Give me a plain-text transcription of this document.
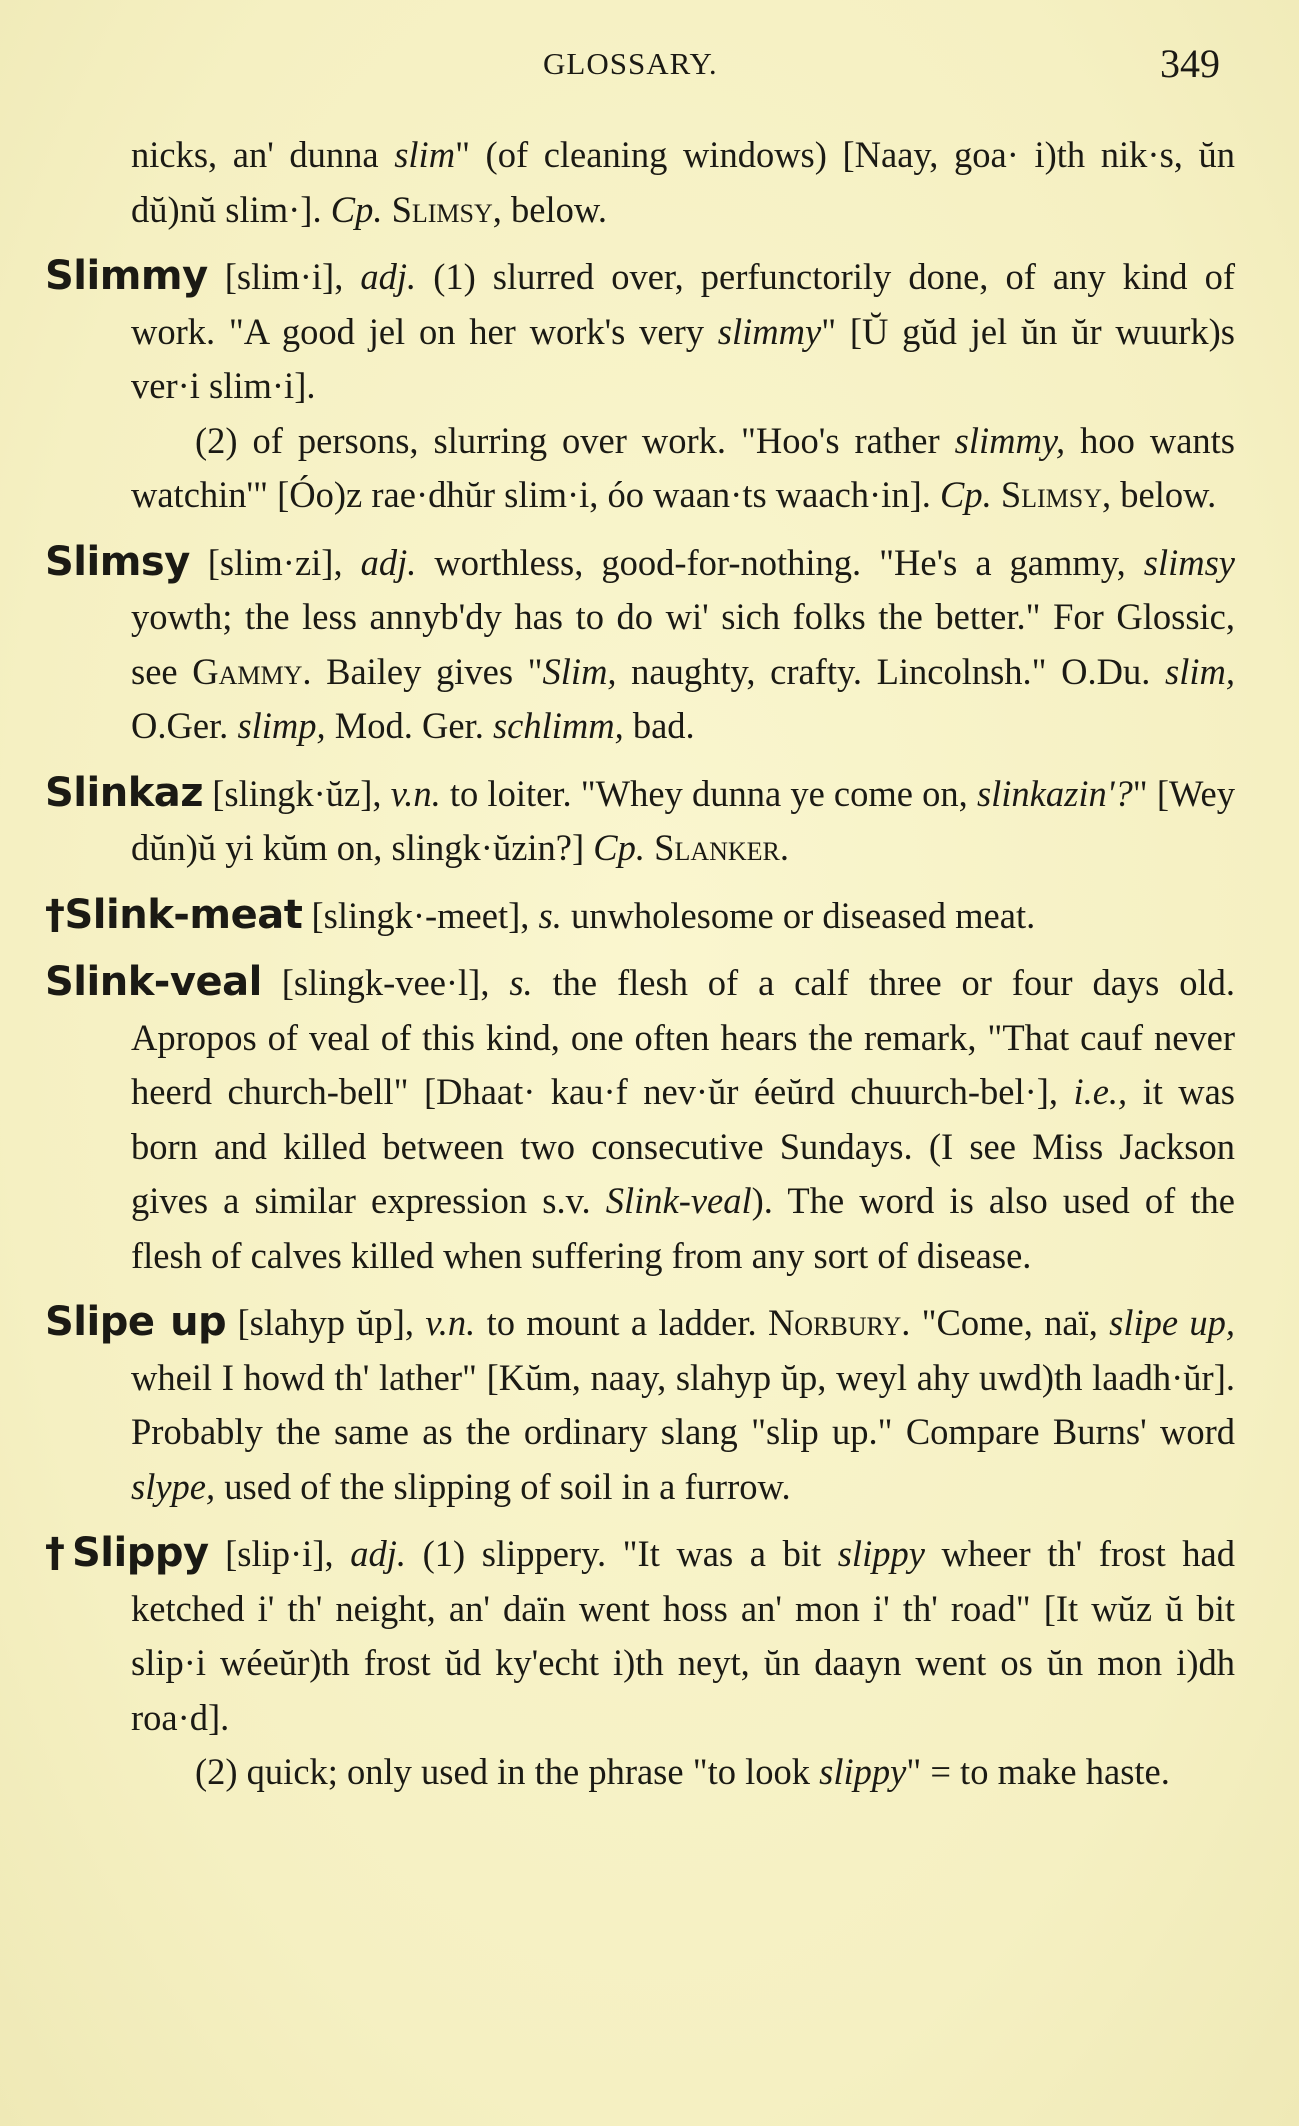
GLOSSARY.	349

nicks, an' dunna slim" (of cleaning windows) [Naay, goa· i)th nik·s, ŭn dŭ)nŭ slim·]. Cp. Slimsy, below.

Slimmy [slim·i], adj. (1) slurred over, perfunctorily done, of any kind of work. "A good jel on her work's very slimmy" [Ŭ gŭd jel ŭn ŭr wuurk)s ver·i slim·i].

(2) of persons, slurring over work. "Hoo's rather slimmy, hoo wants watchin'" [Óo)z rae·dhŭr slim·i, óo waan·ts waach·in]. Cp. Slimsy, below.

Slimsy [slim·zi], adj. worthless, good-for-nothing. "He's a gammy, slimsy yowth; the less annyb'dy has to do wi' sich folks the better." For Glossic, see Gammy. Bailey gives "Slim, naughty, crafty. Lincolnsh." O.Du. slim, O.Ger. slimp, Mod. Ger. schlimm, bad.

Slinkaz [slingk·ŭz], v.n. to loiter. "Whey dunna ye come on, slinkazin'?" [Wey dŭn)ŭ yi kŭm on, slingk·ŭzin?] Cp. Slanker.

†Slink-meat [slingk·-meet], s. unwholesome or diseased meat.

Slink-veal [slingk-vee·l], s. the flesh of a calf three or four days old. Apropos of veal of this kind, one often hears the remark, "That cauf never heerd church-bell" [Dhaat· kau·f nev·ŭr éeŭrd chuurch-bel·], i.e., it was born and killed between two consecutive Sundays. (I see Miss Jackson gives a similar expression s.v. Slink-veal). The word is also used of the flesh of calves killed when suffering from any sort of disease.

Slipe up [slahyp ŭp], v.n. to mount a ladder. Norbury. "Come, naï, slipe up, wheil I howd th' lather" [Kŭm, naay, slahyp ŭp, weyl ahy uwd)th laadh·ŭr]. Probably the same as the ordinary slang "slip up." Compare Burns' word slype, used of the slipping of soil in a furrow.

†Slippy [slip·i], adj. (1) slippery. "It was a bit slippy wheer th' frost had ketched i' th' neight, an' daïn went hoss an' mon i' th' road" [It wŭz ŭ bit slip·i wéeŭr)th frost ŭd ky'echt i)th neyt, ŭn daayn went os ŭn mon i)dh roa·d].

(2) quick; only used in the phrase "to look slippy" = to make haste.
